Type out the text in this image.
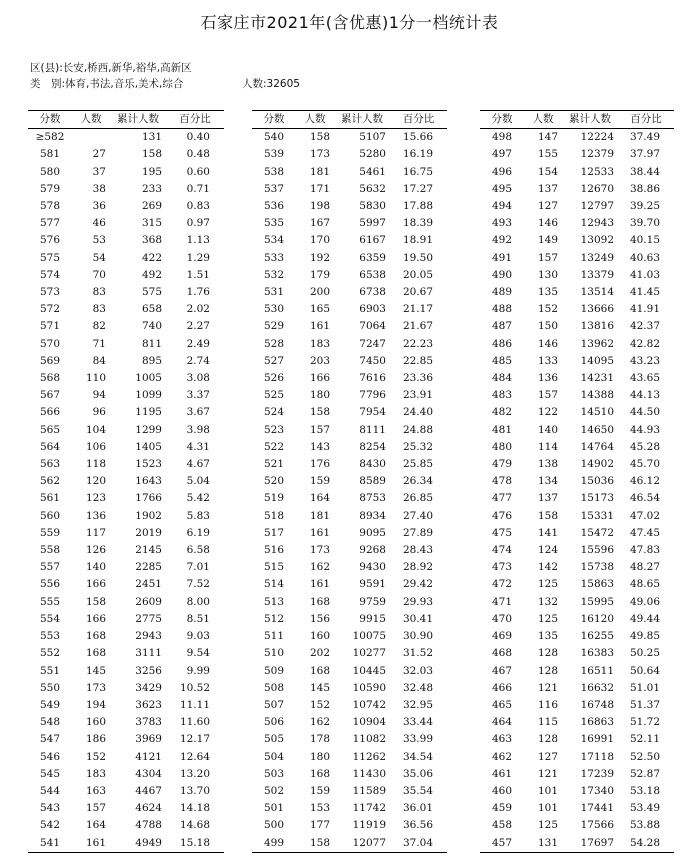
石家庄市2021年(含优惠)1分一档统计表
区(县):长安,桥西,新华,裕华,高新区
类　别:体育,书法,音乐,美术,综合	人数:32605
分数	人数	累计人数	百分比
≥582		131	0.40
581	27	158	0.48
580	37	195	0.60
579	38	233	0.71
578	36	269	0.83
577	46	315	0.97
576	53	368	1.13
575	54	422	1.29
574	70	492	1.51
573	83	575	1.76
572	83	658	2.02
571	82	740	2.27
570	71	811	2.49
569	84	895	2.74
568	110	1005	3.08
567	94	1099	3.37
566	96	1195	3.67
565	104	1299	3.98
564	106	1405	4.31
563	118	1523	4.67
562	120	1643	5.04
561	123	1766	5.42
560	136	1902	5.83
559	117	2019	6.19
558	126	2145	6.58
557	140	2285	7.01
556	166	2451	7.52
555	158	2609	8.00
554	166	2775	8.51
553	168	2943	9.03
552	168	3111	9.54
551	145	3256	9.99
550	173	3429	10.52
549	194	3623	11.11
548	160	3783	11.60
547	186	3969	12.17
546	152	4121	12.64
545	183	4304	13.20
544	163	4467	13.70
543	157	4624	14.18
542	164	4788	14.68
541	161	4949	15.18
分数	人数	累计人数	百分比
540	158	5107	15.66
539	173	5280	16.19
538	181	5461	16.75
537	171	5632	17.27
536	198	5830	17.88
535	167	5997	18.39
534	170	6167	18.91
533	192	6359	19.50
532	179	6538	20.05
531	200	6738	20.67
530	165	6903	21.17
529	161	7064	21.67
528	183	7247	22.23
527	203	7450	22.85
526	166	7616	23.36
525	180	7796	23.91
524	158	7954	24.40
523	157	8111	24.88
522	143	8254	25.32
521	176	8430	25.85
520	159	8589	26.34
519	164	8753	26.85
518	181	8934	27.40
517	161	9095	27.89
516	173	9268	28.43
515	162	9430	28.92
514	161	9591	29.42
513	168	9759	29.93
512	156	9915	30.41
511	160	10075	30.90
510	202	10277	31.52
509	168	10445	32.03
508	145	10590	32.48
507	152	10742	32.95
506	162	10904	33.44
505	178	11082	33.99
504	180	11262	34.54
503	168	11430	35.06
502	159	11589	35.54
501	153	11742	36.01
500	177	11919	36.56
499	158	12077	37.04
分数	人数	累计人数	百分比
498	147	12224	37.49
497	155	12379	37.97
496	154	12533	38.44
495	137	12670	38.86
494	127	12797	39.25
493	146	12943	39.70
492	149	13092	40.15
491	157	13249	40.63
490	130	13379	41.03
489	135	13514	41.45
488	152	13666	41.91
487	150	13816	42.37
486	146	13962	42.82
485	133	14095	43.23
484	136	14231	43.65
483	157	14388	44.13
482	122	14510	44.50
481	140	14650	44.93
480	114	14764	45.28
479	138	14902	45.70
478	134	15036	46.12
477	137	15173	46.54
476	158	15331	47.02
475	141	15472	47.45
474	124	15596	47.83
473	142	15738	48.27
472	125	15863	48.65
471	132	15995	49.06
470	125	16120	49.44
469	135	16255	49.85
468	128	16383	50.25
467	128	16511	50.64
466	121	16632	51.01
465	116	16748	51.37
464	115	16863	51.72
463	128	16991	52.11
462	127	17118	52.50
461	121	17239	52.87
460	101	17340	53.18
459	101	17441	53.49
458	125	17566	53.88
457	131	17697	54.28
